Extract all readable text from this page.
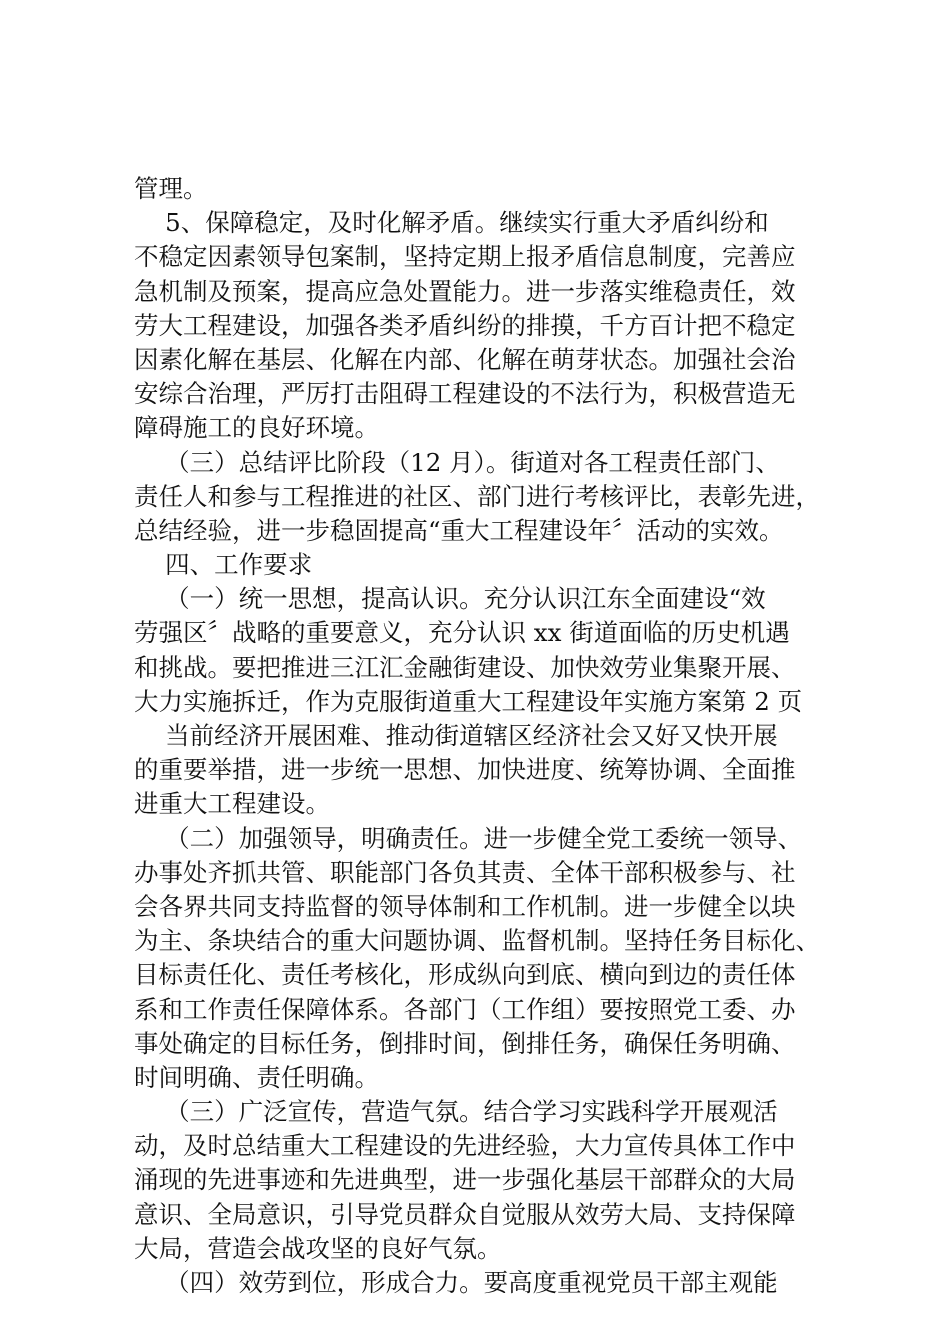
管理。
5、保障稳定，及时化解矛盾。继续实行重大矛盾纠纷和
不稳定因素领导包案制，坚持定期上报矛盾信息制度，完善应
急机制及预案，提高应急处置能力。进一步落实维稳责任，效
劳大工程建设，加强各类矛盾纠纷的排摸，千方百计把不稳定
因素化解在基层、化解在内部、化解在萌芽状态。加强社会治
安综合治理，严厉打击阻碍工程建设的不法行为，积极营造无
障碍施工的良好环境。
（三）总结评比阶段（12 月）。街道对各工程责任部门、
责任人和参与工程推进的社区、部门进行考核评比，表彰先进，
总结经验，进一步稳固提高“重大工程建设年〞活动的实效。
四、工作要求
（一）统一思想，提高认识。充分认识江东全面建设“效
劳强区〞战略的重要意义，充分认识 xx 街道面临的历史机遇
和挑战。要把推进三江汇金融街建设、加快效劳业集聚开展、
大力实施拆迁，作为克服街道重大工程建设年实施方案第 2 页
当前经济开展困难、推动街道辖区经济社会又好又快开展
的重要举措，进一步统一思想、加快进度、统筹协调、全面推
进重大工程建设。
（二）加强领导，明确责任。进一步健全党工委统一领导、
办事处齐抓共管、职能部门各负其责、全体干部积极参与、社
会各界共同支持监督的领导体制和工作机制。进一步健全以块
为主、条块结合的重大问题协调、监督机制。坚持任务目标化、
目标责任化、责任考核化，形成纵向到底、横向到边的责任体
系和工作责任保障体系。各部门（工作组）要按照党工委、办
事处确定的目标任务，倒排时间，倒排任务，确保任务明确、
时间明确、责任明确。
（三）广泛宣传，营造气氛。结合学习实践科学开展观活
动，及时总结重大工程建设的先进经验，大力宣传具体工作中
涌现的先进事迹和先进典型，进一步强化基层干部群众的大局
意识、全局意识，引导党员群众自觉服从效劳大局、支持保障
大局，营造会战攻坚的良好气氛。
（四）效劳到位，形成合力。要高度重视党员干部主观能
